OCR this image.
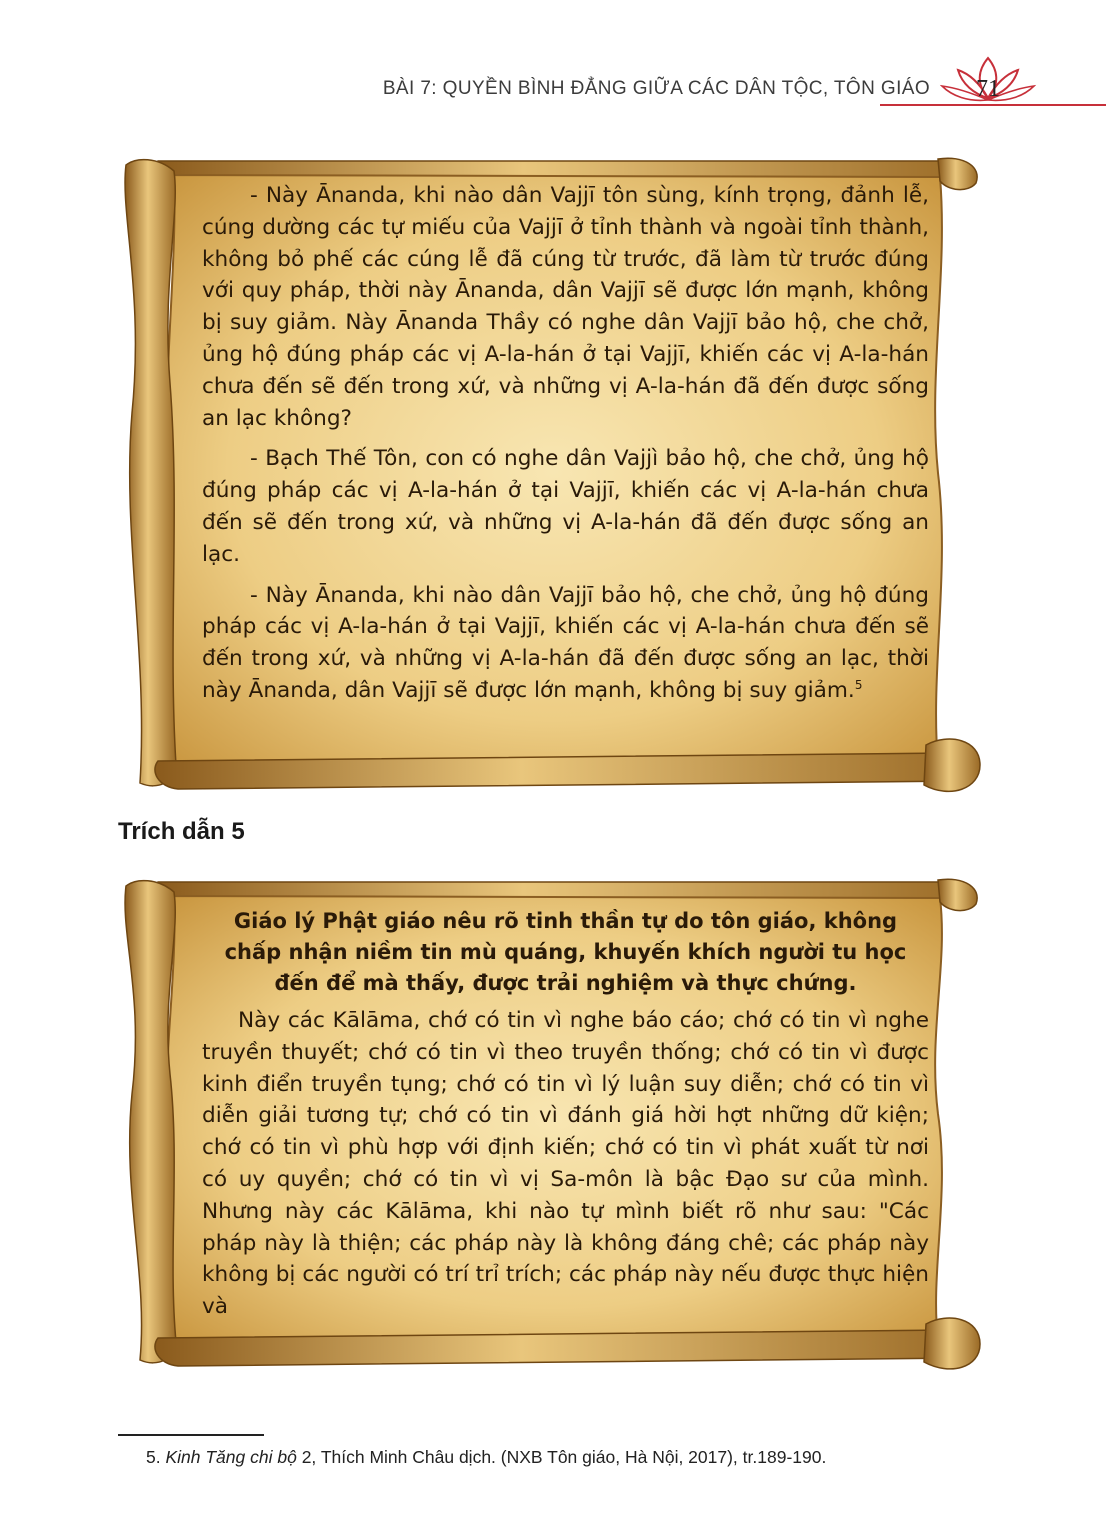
BÀI 7: QUYỀN BÌNH ĐẲNG GIỮA CÁC DÂN TỘC, TÔN GIÁO	71

- Này Ānanda, khi nào dân Vajjī tôn sùng, kính trọng, đảnh lễ, cúng dường các tự miếu của Vajjī ở tỉnh thành và ngoài tỉnh thành, không bỏ phế các cúng lễ đã cúng từ trước, đã làm từ trước đúng với quy pháp, thời này Ānanda, dân Vajjī sẽ được lớn mạnh, không bị suy giảm. Này Ānanda Thầy có nghe dân Vajjī bảo hộ, che chở, ủng hộ đúng pháp các vị A-la-hán ở tại Vajjī, khiến các vị A-la-hán chưa đến sẽ đến trong xứ, và những vị A-la-hán đã đến được sống an lạc không?

- Bạch Thế Tôn, con có nghe dân Vajjì bảo hộ, che chở, ủng hộ đúng pháp các vị A-la-hán ở tại Vajjī, khiến các vị A-la-hán chưa đến sẽ đến trong xứ, và những vị A-la-hán đã đến được sống an lạc.

- Này Ānanda, khi nào dân Vajjī bảo hộ, che chở, ủng hộ đúng pháp các vị A-la-hán ở tại Vajjī, khiến các vị A-la-hán chưa đến sẽ đến trong xứ, và những vị A-la-hán đã đến được sống an lạc, thời này Ānanda, dân Vajjī sẽ được lớn mạnh, không bị suy giảm.$^5$

Trích dẫn 5

Giáo lý Phật giáo nêu rõ tinh thần tự do tôn giáo, không chấp nhận niềm tin mù quáng, khuyến khích người tu học đến để mà thấy, được trải nghiệm và thực chứng.

Này các Kālāma, chớ có tin vì nghe báo cáo; chớ có tin vì nghe truyền thuyết; chớ có tin vì theo truyền thống; chớ có tin vì được kinh điển truyền tụng; chớ có tin vì lý luận suy diễn; chớ có tin vì diễn giải tương tự; chớ có tin vì đánh giá hời hợt những dữ kiện; chớ có tin vì phù hợp với định kiến; chớ có tin vì phát xuất từ nơi có uy quyền; chớ có tin vì vị Sa-môn là bậc Đạo sư của mình. Nhưng này các Kālāma, khi nào tự mình biết rõ như sau: "Các pháp này là thiện; các pháp này là không đáng chê; các pháp này không bị các người có trí trỉ trích; các pháp này nếu được thực hiện và

5. Kinh Tăng chi bộ 2, Thích Minh Châu dịch. (NXB Tôn giáo, Hà Nội, 2017), tr.189-190.
